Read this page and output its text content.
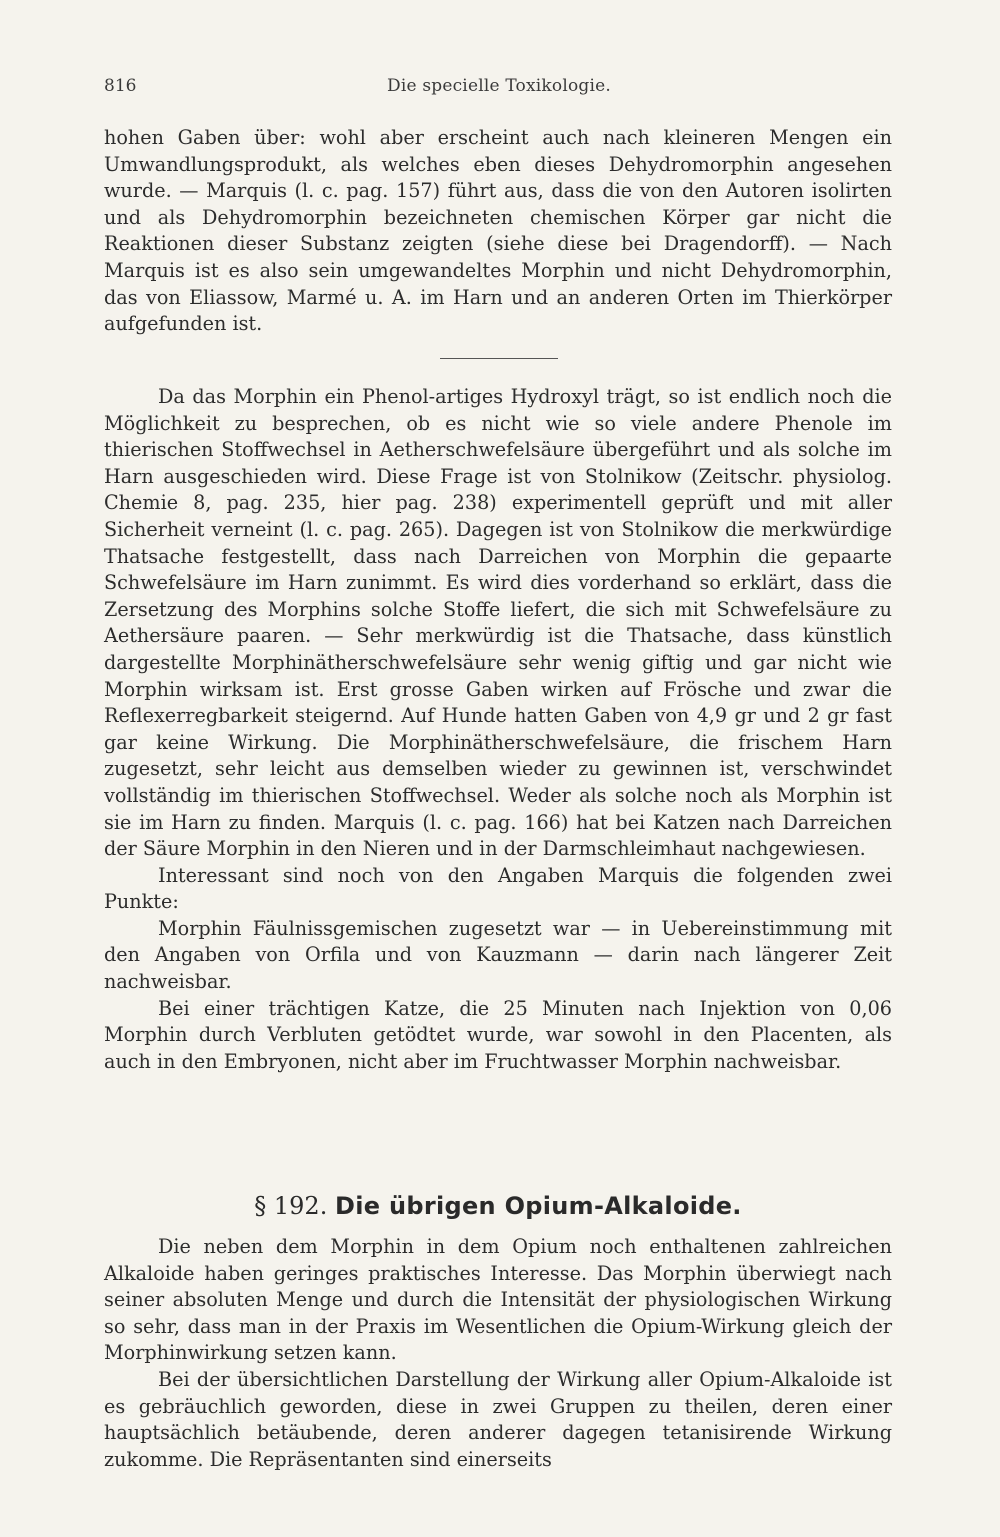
816	Die specielle Toxikologie.

hohen Gaben über: wohl aber erscheint auch nach kleineren Mengen ein Umwandlungsprodukt, als welches eben dieses Dehydromorphin angesehen wurde. — Marquis (l. c. pag. 157) führt aus, dass die von den Autoren isolirten und als Dehydromorphin bezeichneten chemischen Körper gar nicht die Reaktionen dieser Substanz zeigten (siehe diese bei Dragendorff). — Nach Marquis ist es also sein umgewandeltes Morphin und nicht Dehydromorphin, das von Eliassow, Marmé u. A. im Harn und an anderen Orten im Thierkörper aufgefunden ist.

Da das Morphin ein Phenol-artiges Hydroxyl trägt, so ist endlich noch die Möglichkeit zu besprechen, ob es nicht wie so viele andere Phenole im thierischen Stoffwechsel in Aetherschwefelsäure übergeführt und als solche im Harn ausgeschieden wird. Diese Frage ist von Stolnikow (Zeitschr. physiolog. Chemie 8, pag. 235, hier pag. 238) experimentell geprüft und mit aller Sicherheit verneint (l. c. pag. 265). Dagegen ist von Stolnikow die merkwürdige Thatsache festgestellt, dass nach Darreichen von Morphin die gepaarte Schwefelsäure im Harn zunimmt. Es wird dies vorderhand so erklärt, dass die Zersetzung des Morphins solche Stoffe liefert, die sich mit Schwefelsäure zu Aethersäure paaren. — Sehr merkwürdig ist die Thatsache, dass künstlich dargestellte Morphinätherschwefelsäure sehr wenig giftig und gar nicht wie Morphin wirksam ist. Erst grosse Gaben wirken auf Frösche und zwar die Reflexerregbarkeit steigernd. Auf Hunde hatten Gaben von 4,9 gr und 2 gr fast gar keine Wirkung. Die Morphinätherschwefelsäure, die frischem Harn zugesetzt, sehr leicht aus demselben wieder zu gewinnen ist, verschwindet vollständig im thierischen Stoffwechsel. Weder als solche noch als Morphin ist sie im Harn zu finden. Marquis (l. c. pag. 166) hat bei Katzen nach Darreichen der Säure Morphin in den Nieren und in der Darmschleimhaut nachgewiesen.

Interessant sind noch von den Angaben Marquis die folgenden zwei Punkte:

Morphin Fäulnissgemischen zugesetzt war — in Uebereinstimmung mit den Angaben von Orfila und von Kauzmann — darin nach längerer Zeit nachweisbar.

Bei einer trächtigen Katze, die 25 Minuten nach Injektion von 0,06 Morphin durch Verbluten getödtet wurde, war sowohl in den Placenten, als auch in den Embryonen, nicht aber im Fruchtwasser Morphin nachweisbar.

§ 192. Die übrigen Opium-Alkaloide.

Die neben dem Morphin in dem Opium noch enthaltenen zahlreichen Alkaloide haben geringes praktisches Interesse. Das Morphin überwiegt nach seiner absoluten Menge und durch die Intensität der physiologischen Wirkung so sehr, dass man in der Praxis im Wesentlichen die Opium-Wirkung gleich der Morphinwirkung setzen kann.

Bei der übersichtlichen Darstellung der Wirkung aller Opium-Alkaloide ist es gebräuchlich geworden, diese in zwei Gruppen zu theilen, deren einer hauptsächlich betäubende, deren anderer dagegen tetanisirende Wirkung zukomme. Die Repräsentanten sind einerseits
